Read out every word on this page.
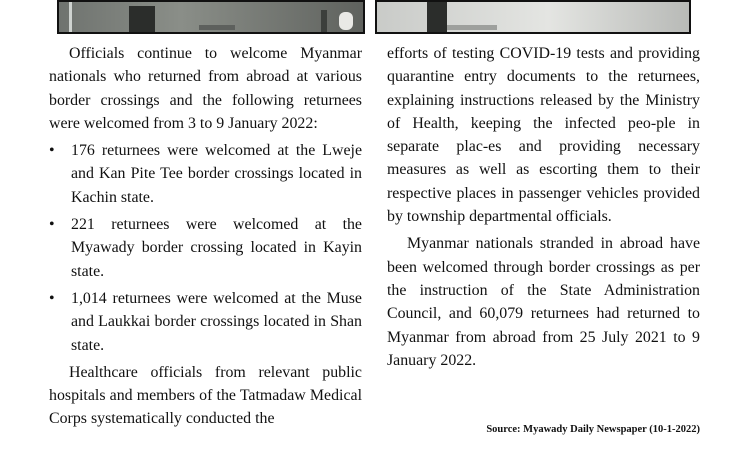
Officials continue to welcome Myanmar nationals who returned from abroad at various border crossings and the following returnees were welcomed from 3 to 9 January 2022:

• 176 returnees were welcomed at the Lweje and Kan Pite Tee border crossings located in Kachin state.
• 221 returnees were welcomed at the Myawady border crossing located in Kayin state.
• 1,014 returnees were welcomed at the Muse and Laukkai border crossings located in Shan state.

Healthcare officials from relevant public hospitals and members of the Tatmadaw Medical Corps systematically conducted the

efforts of testing COVID-19 tests and providing quarantine entry documents to the returnees, explaining instructions released by the Ministry of Health, keeping the infected peo-ple in separate plac-es and providing necessary measures as well as escorting them to their respective places in passenger vehicles provided by township departmental officials.

Myanmar nationals stranded in abroad have been welcomed through border crossings as per the instruction of the State Administration Council, and 60,079 returnees had returned to Myanmar from abroad from 25 July 2021 to 9 January 2022.

Source: Myawady Daily Newspaper (10-1-2022)
